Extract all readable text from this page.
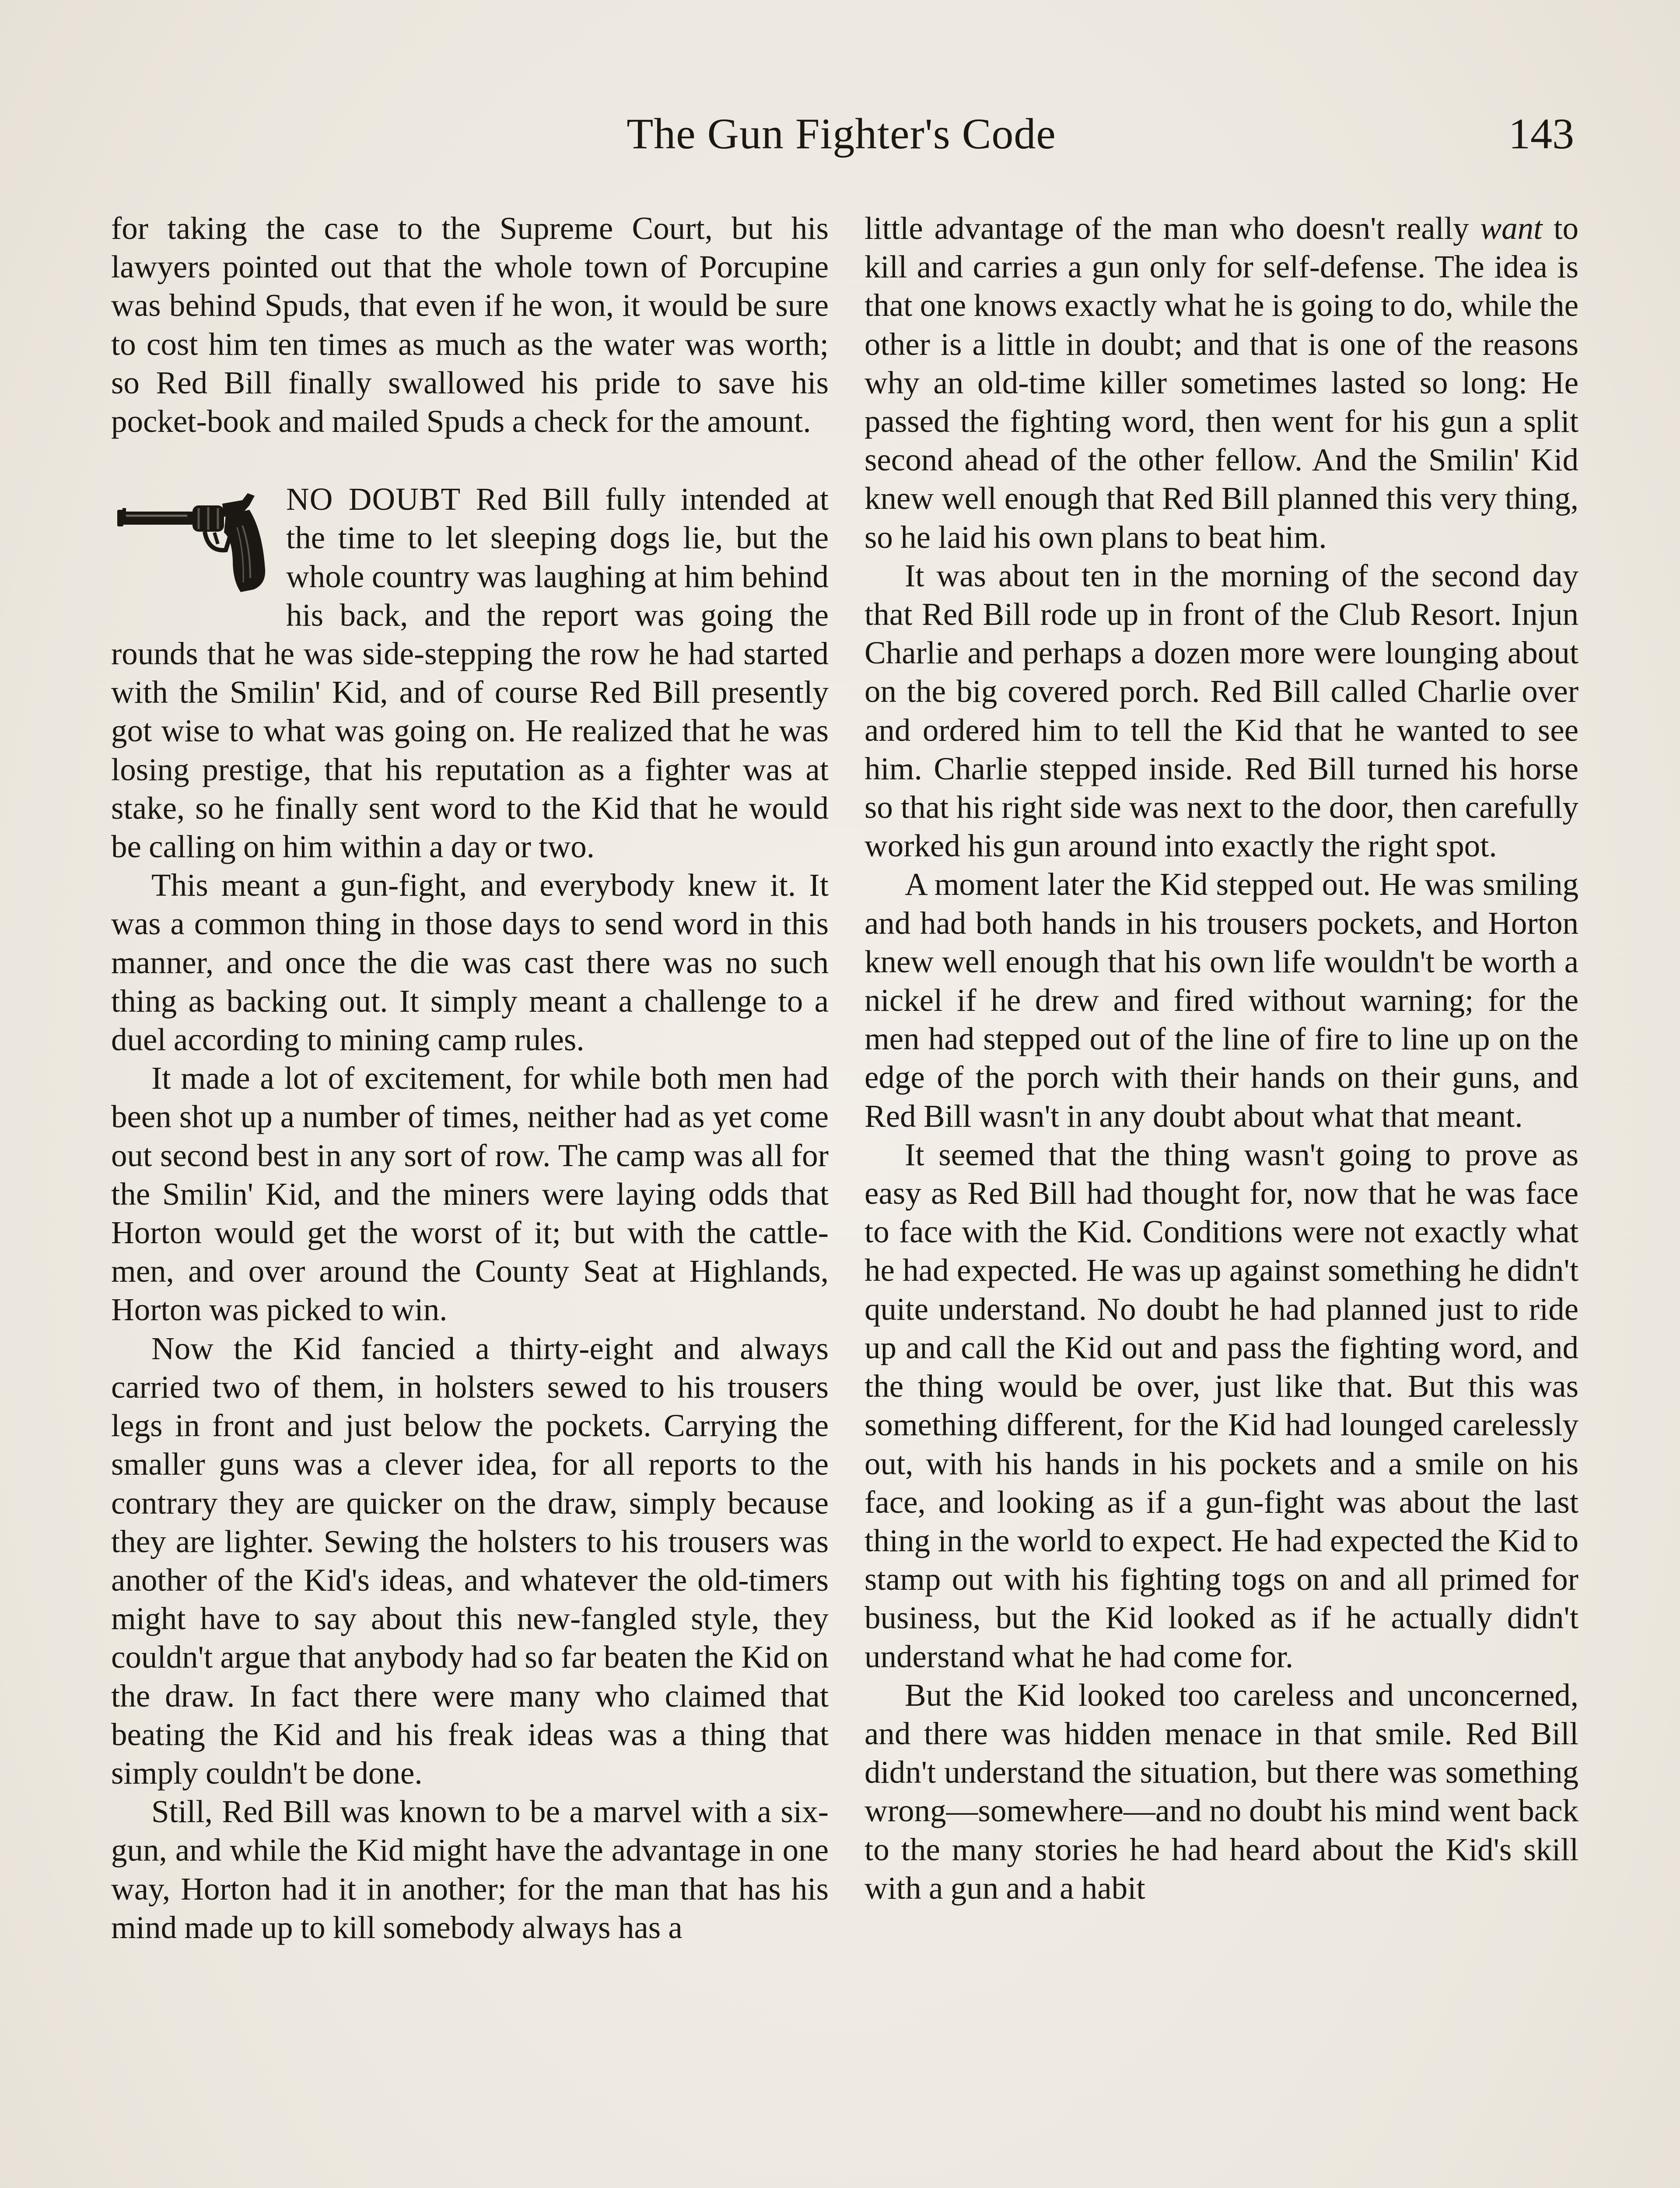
The Gun Fighter's Code	143

for taking the case to the Supreme Court, but his lawyers pointed out that the whole town of Porcupine was behind Spuds, that even if he won, it would be sure to cost him ten times as much as the water was worth; so Red Bill finally swallowed his pride to save his pocket-book and mailed Spuds a check for the amount.

NO DOUBT Red Bill fully intended at the time to let sleeping dogs lie, but the whole country was laughing at him behind his back, and the report was going the rounds that he was side-stepping the row he had started with the Smilin' Kid, and of course Red Bill presently got wise to what was going on. He realized that he was losing prestige, that his reputation as a fighter was at stake, so he finally sent word to the Kid that he would be calling on him within a day or two.

This meant a gun-fight, and everybody knew it. It was a common thing in those days to send word in this manner, and once the die was cast there was no such thing as backing out. It simply meant a challenge to a duel according to mining camp rules.

It made a lot of excitement, for while both men had been shot up a number of times, neither had as yet come out second best in any sort of row. The camp was all for the Smilin' Kid, and the miners were laying odds that Horton would get the worst of it; but with the cattle-men, and over around the County Seat at Highlands, Horton was picked to win.

Now the Kid fancied a thirty-eight and always carried two of them, in holsters sewed to his trousers legs in front and just below the pockets. Carrying the smaller guns was a clever idea, for all reports to the contrary they are quicker on the draw, simply because they are lighter. Sewing the holsters to his trousers was another of the Kid's ideas, and whatever the old-timers might have to say about this new-fangled style, they couldn't argue that anybody had so far beaten the Kid on the draw. In fact there were many who claimed that beating the Kid and his freak ideas was a thing that simply couldn't be done.

Still, Red Bill was known to be a marvel with a six-gun, and while the Kid might have the advantage in one way, Horton had it in another; for the man that has his mind made up to kill somebody always has a

little advantage of the man who doesn't really want to kill and carries a gun only for self-defense. The idea is that one knows exactly what he is going to do, while the other is a little in doubt; and that is one of the reasons why an old-time killer sometimes lasted so long: He passed the fighting word, then went for his gun a split second ahead of the other fellow. And the Smilin' Kid knew well enough that Red Bill planned this very thing, so he laid his own plans to beat him.

It was about ten in the morning of the second day that Red Bill rode up in front of the Club Resort. Injun Charlie and perhaps a dozen more were lounging about on the big covered porch. Red Bill called Charlie over and ordered him to tell the Kid that he wanted to see him. Charlie stepped inside. Red Bill turned his horse so that his right side was next to the door, then carefully worked his gun around into exactly the right spot.

A moment later the Kid stepped out. He was smiling and had both hands in his trousers pockets, and Horton knew well enough that his own life wouldn't be worth a nickel if he drew and fired without warning; for the men had stepped out of the line of fire to line up on the edge of the porch with their hands on their guns, and Red Bill wasn't in any doubt about what that meant.

It seemed that the thing wasn't going to prove as easy as Red Bill had thought for, now that he was face to face with the Kid. Conditions were not exactly what he had expected. He was up against something he didn't quite understand. No doubt he had planned just to ride up and call the Kid out and pass the fighting word, and the thing would be over, just like that. But this was something different, for the Kid had lounged carelessly out, with his hands in his pockets and a smile on his face, and looking as if a gun-fight was about the last thing in the world to expect. He had expected the Kid to stamp out with his fighting togs on and all primed for business, but the Kid looked as if he actually didn't understand what he had come for.

But the Kid looked too careless and unconcerned, and there was hidden menace in that smile. Red Bill didn't understand the situation, but there was something wrong—somewhere—and no doubt his mind went back to the many stories he had heard about the Kid's skill with a gun and a habit
